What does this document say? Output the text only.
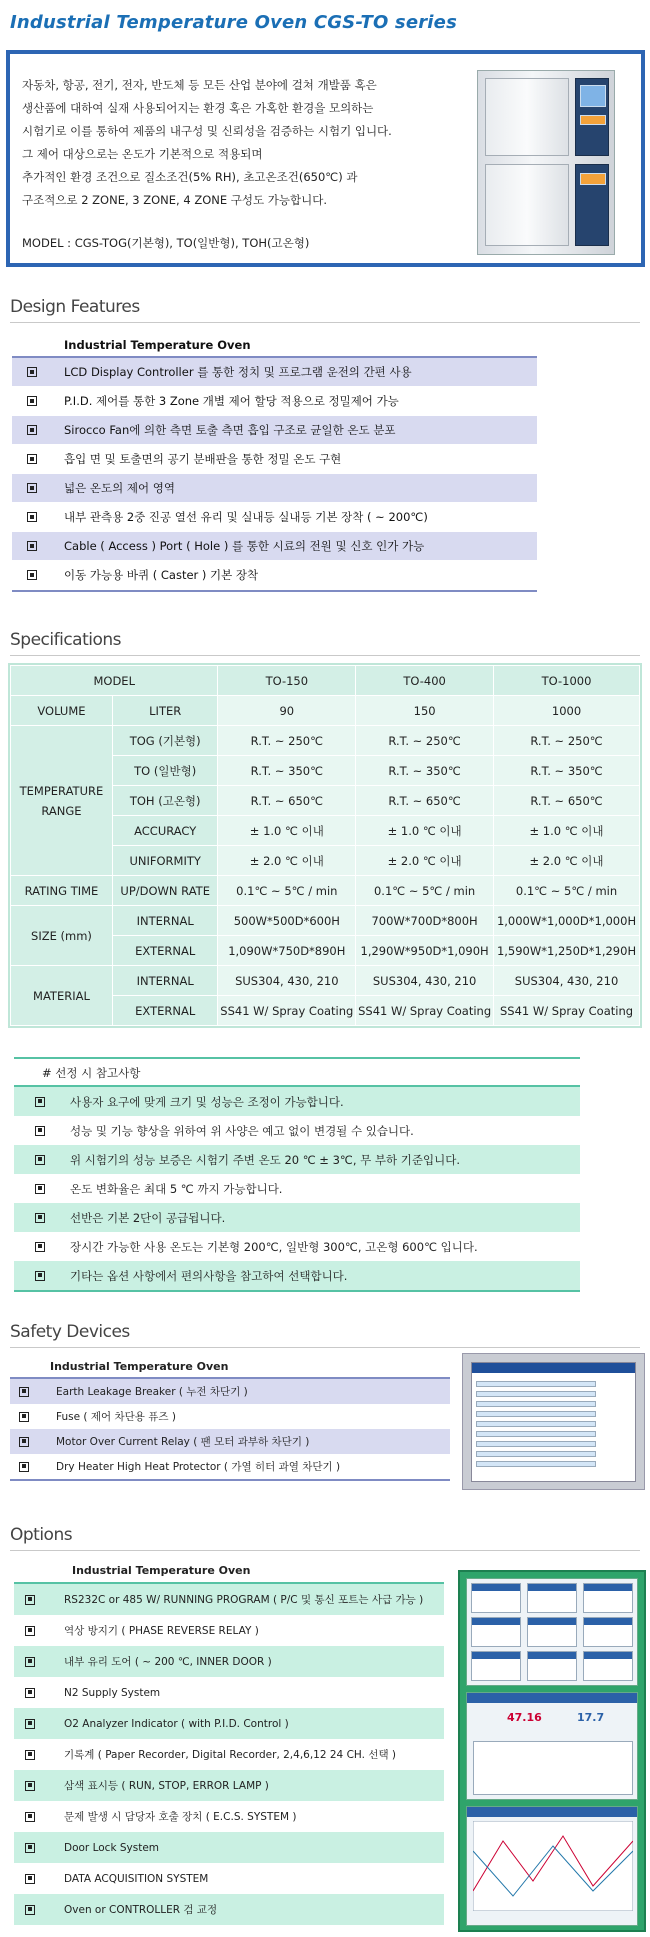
Industrial Temperature Oven CGS-TO series
자동차, 항공, 전기, 전자, 반도체 등 모든 산업 분야에 걸쳐 개발품 혹은
생산품에 대하여 실재 사용되어지는 환경 혹은 가혹한 환경을 모의하는
시험기로 이를 통하여 제품의 내구성 및 신뢰성을 검증하는 시험기 입니다.
그 제어 대상으로는 온도가 기본적으로 적용되며
추가적인 환경 조건으로 질소조건(5% RH), 초고온조건(650℃) 과
구조적으로 2 ZONE, 3 ZONE, 4 ZONE 구성도 가능합니다.
MODEL : CGS-TOG(기본형), TO(일반형), TOH(고온형)
Design Features
Industrial Temperature Oven
LCD Display Controller 를 통한 정치 및 프로그램 운전의 간편 사용
P.I.D. 제어를 통한 3 Zone 개별 제어 할당 적용으로 정밀제어 가능
Sirocco Fan에 의한 측면 토출 측면 흡입 구조로 균일한 온도 분포
흡입 면 및 토출면의 공기 분배판을 통한 정밀 온도 구현
넓은 온도의 제어 영역
내부 관측용 2중 진공 열선 유리 및 실내등 실내등 기본 장착 ( ~ 200℃)
Cable ( Access ) Port ( Hole ) 를 통한 시료의 전원 및 신호 인가 가능
이동 가능용 바퀴 ( Caster ) 기본 장착
Specifications
MODEL		TO-150	TO-400	TO-1000
VOLUME	LITER	90	150	1000
TEMPERATURE RANGE	TOG (기본형)	R.T. ~ 250℃	R.T. ~ 250℃	R.T. ~ 250℃
	TO (일반형)	R.T. ~ 350℃	R.T. ~ 350℃	R.T. ~ 350℃
	TOH (고온형)	R.T. ~ 650℃	R.T. ~ 650℃	R.T. ~ 650℃
	ACCURACY	± 1.0 ℃ 이내	± 1.0 ℃ 이내	± 1.0 ℃ 이내
	UNIFORMITY	± 2.0 ℃ 이내	± 2.0 ℃ 이내	± 2.0 ℃ 이내
RATING TIME	UP/DOWN RATE	0.1℃ ~ 5℃ / min	0.1℃ ~ 5℃ / min	0.1℃ ~ 5℃ / min
SIZE (mm)	INTERNAL	500W*500D*600H	700W*700D*800H	1,000W*1,000D*1,000H
	EXTERNAL	1,090W*750D*890H	1,290W*950D*1,090H	1,590W*1,250D*1,290H
MATERIAL	INTERNAL	SUS304, 430, 210	SUS304, 430, 210	SUS304, 430, 210
	EXTERNAL	SS41 W/ Spray Coating	SS41 W/ Spray Coating	SS41 W/ Spray Coating
# 선정 시 참고사항
사용자 요구에 맞게 크기 및 성능은 조정이 가능합니다.
성능 및 기능 향상을 위하여 위 사양은 예고 없이 변경될 수 있습니다.
위 시험기의 성능 보증은 시험기 주변 온도 20 ℃ ± 3℃, 무 부하 기준입니다.
온도 변화율은 최대 5 ℃ 까지 가능합니다.
선반은 기본 2단이 공급됩니다.
장시간 가능한 사용 온도는 기본형 200℃, 일반형 300℃, 고온형 600℃ 입니다.
기타는 옵션 사항에서 편의사항을 참고하여 선택합니다.
Safety Devices
Industrial Temperature Oven
Earth Leakage Breaker ( 누전 차단기 )
Fuse ( 제어 차단용 퓨즈 )
Motor Over Current Relay ( 팬 모터 과부하 차단기 )
Dry Heater High Heat Protector ( 가열 히터 과열 차단기 )
Options
Industrial Temperature Oven
RS232C or 485 W/ RUNNING PROGRAM ( P/C 및 통신 포트는 사급 가능 )
역상 방지기 ( PHASE REVERSE RELAY )
내부 유리 도어 ( ~ 200 ℃, INNER DOOR )
N2 Supply System
O2 Analyzer Indicator ( with P.I.D. Control )
기록계 ( Paper Recorder, Digital Recorder, 2,4,6,12 24 CH. 선택 )
삼색 표시등 ( RUN, STOP, ERROR LAMP )
문제 발생 시 담당자 호출 장치 ( E.C.S. SYSTEM )
Door Lock System
DATA ACQUISITION SYSTEM
Oven or CONTROLLER 검 교정
47.16	17.7
